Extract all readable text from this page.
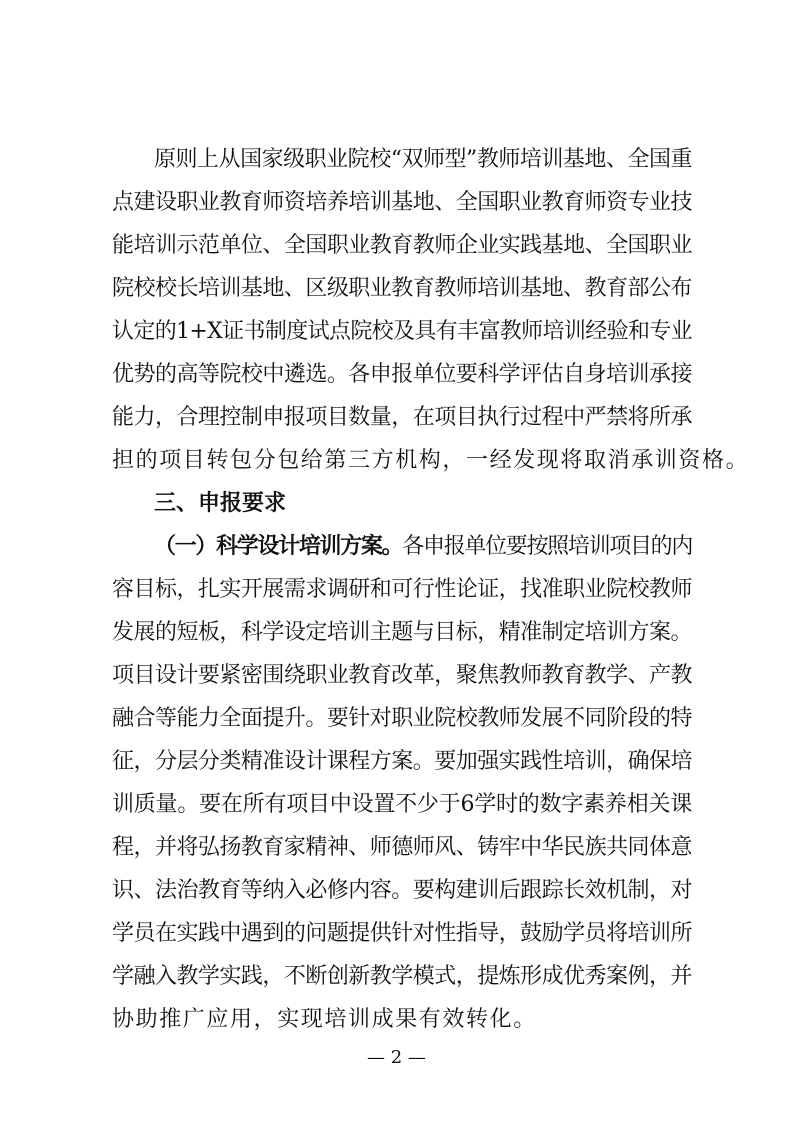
原则上从国家级职业院校“双师型”教师培训基地、全国重
点建设职业教育师资培养培训基地、全国职业教育师资专业技
能培训示范单位、全国职业教育教师企业实践基地、全国职业
院校校长培训基地、区级职业教育教师培训基地、教育部公布
认定的1+X证书制度试点院校及具有丰富教师培训经验和专业
优势的高等院校中遴选。各申报单位要科学评估自身培训承接
能力，合理控制申报项目数量，在项目执行过程中严禁将所承
担的项目转包分包给第三方机构，一经发现将取消承训资格。
三、申报要求
（一）科学设计培训方案。各申报单位要按照培训项目的内
容目标，扎实开展需求调研和可行性论证，找准职业院校教师
发展的短板，科学设定培训主题与目标，精准制定培训方案。
项目设计要紧密围绕职业教育改革，聚焦教师教育教学、产教
融合等能力全面提升。要针对职业院校教师发展不同阶段的特
征，分层分类精准设计课程方案。要加强实践性培训，确保培
训质量。要在所有项目中设置不少于6学时的数字素养相关课
程，并将弘扬教育家精神、师德师风、铸牢中华民族共同体意
识、法治教育等纳入必修内容。要构建训后跟踪长效机制，对
学员在实践中遇到的问题提供针对性指导，鼓励学员将培训所
学融入教学实践，不断创新教学模式，提炼形成优秀案例，并
协助推广应用，实现培训成果有效转化。
— 2 —
